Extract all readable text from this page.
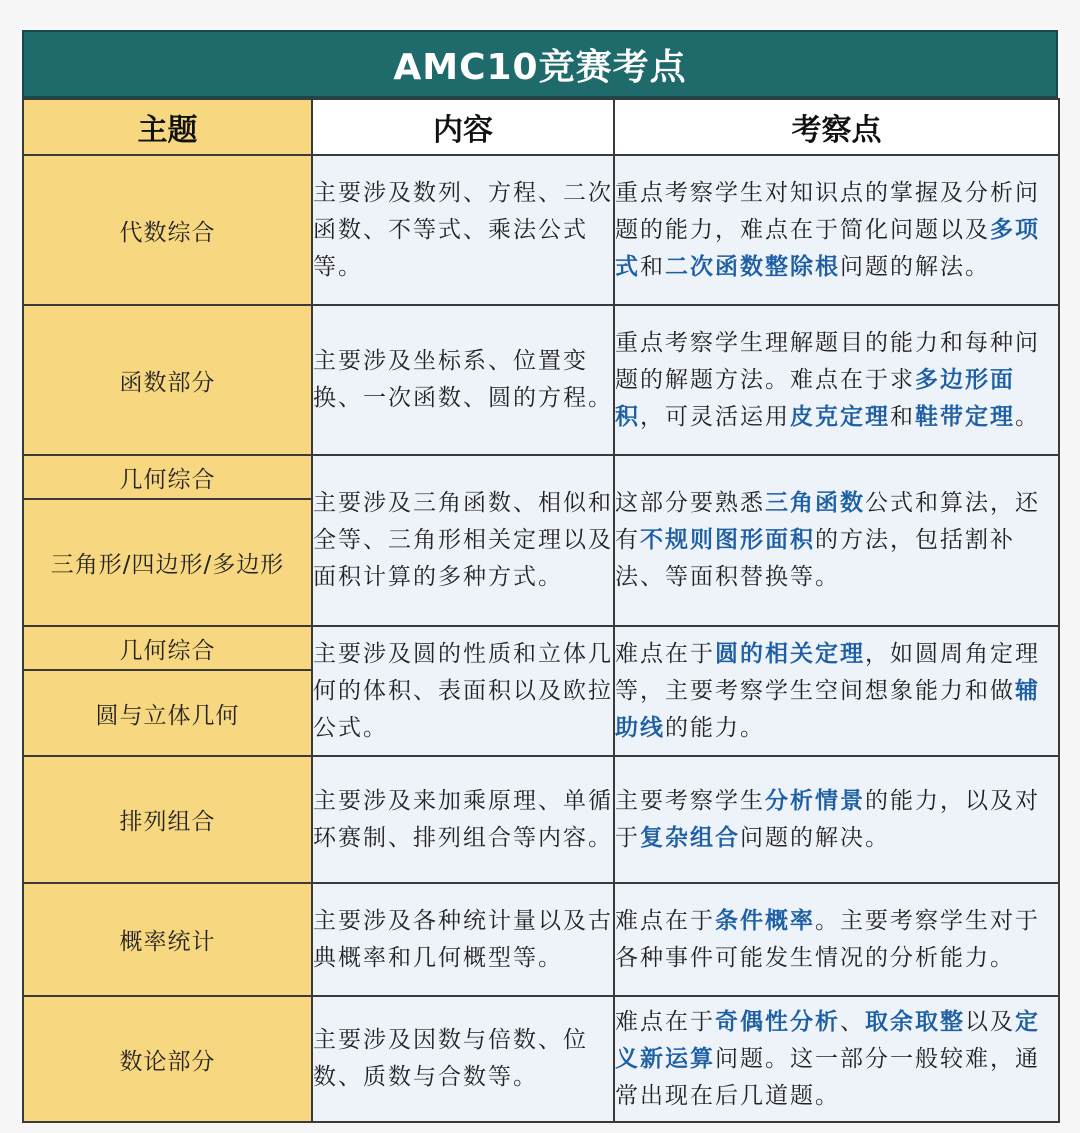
AMC10竞赛考点
主题	内容	考察点
代数综合	主要涉及数列、方程、二次函数、不等式、乘法公式等。	重点考察学生对知识点的掌握及分析问题的能力，难点在于简化问题以及多项式和二次函数整除根问题的解法。
函数部分	主要涉及坐标系、位置变换、一次函数、圆的方程。	重点考察学生理解题目的能力和每种问题的解题方法。难点在于求多边形面积，可灵活运用皮克定理和鞋带定理。
几何综合	主要涉及三角函数、相似和全等、三角形相关定理以及面积计算的多种方式。	这部分要熟悉三角函数公式和算法，还有不规则图形面积的方法，包括割补法、等面积替换等。
三角形/四边形/多边形		
几何综合	主要涉及圆的性质和立体几何的体积、表面积以及欧拉公式。	难点在于圆的相关定理，如圆周角定理等，主要考察学生空间想象能力和做辅助线的能力。
圆与立体几何		
排列组合	主要涉及来加乘原理、单循环赛制、排列组合等内容。	主要考察学生分析情景的能力，以及对于复杂组合问题的解决。
概率统计	主要涉及各种统计量以及古典概率和几何概型等。	难点在于条件概率。主要考察学生对于各种事件可能发生情况的分析能力。
数论部分	主要涉及因数与倍数、位数、质数与合数等。	难点在于奇偶性分析、取余取整以及定义新运算问题。这一部分一般较难，通常出现在后几道题。
